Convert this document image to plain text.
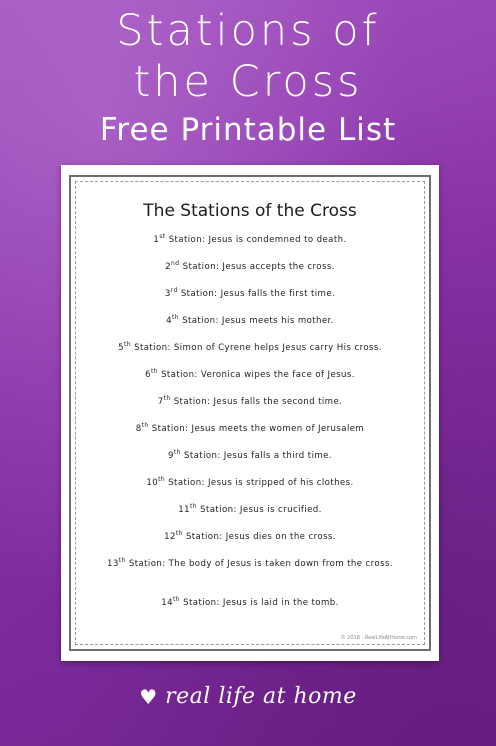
Stations of
the Cross
Free Printable List
The Stations of the Cross
1st Station: Jesus is condemned to death.
2nd Station: Jesus accepts the cross.
3rd Station: Jesus falls the first time.
4th Station: Jesus meets his mother.
5th Station: Simon of Cyrene helps Jesus carry His cross.
6th Station: Veronica wipes the face of Jesus.
7th Station: Jesus falls the second time.
8th Station: Jesus meets the women of Jerusalem
9th Station: Jesus falls a third time.
10th Station: Jesus is stripped of his clothes.
11th Station: Jesus is crucified.
12th Station: Jesus dies on the cross.
13th Station: The body of Jesus is taken down from the cross.
14th Station: Jesus is laid in the tomb.
© 2018 - RealLifeAtHome.com
♥ real life at home
